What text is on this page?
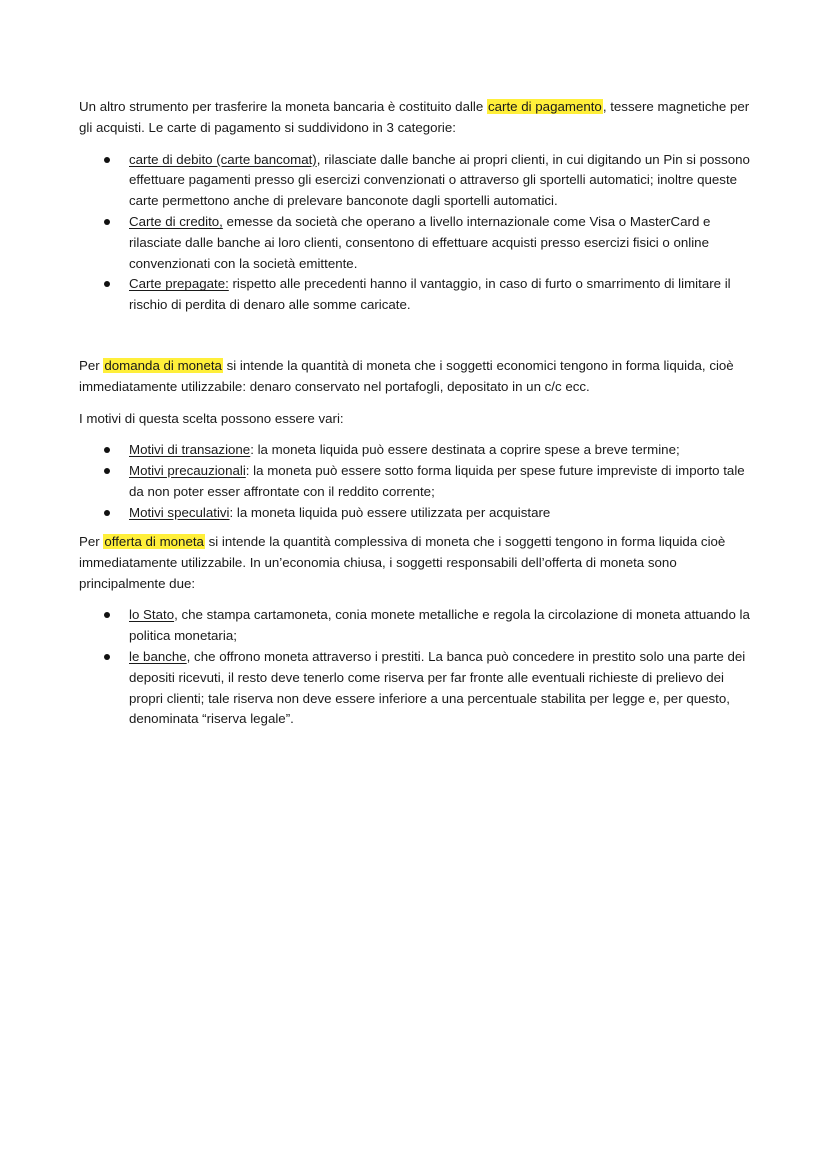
Un altro strumento per trasferire la moneta bancaria è costituito dalle carte di pagamento, tessere magnetiche per gli acquisti. Le carte di pagamento si suddividono in 3 categorie:

carte di debito (carte bancomat), rilasciate dalle banche ai propri clienti, in cui digitando un Pin si possono effettuare pagamenti presso gli esercizi convenzionati o attraverso gli sportelli automatici; inoltre queste carte permettono anche di prelevare banconote dagli sportelli automatici.
Carte di credito, emesse da società che operano a livello internazionale come Visa o MasterCard e rilasciate dalle banche ai loro clienti, consentono di effettuare acquisti presso esercizi fisici o online convenzionati con la società emittente.
Carte prepagate: rispetto alle precedenti hanno il vantaggio, in caso di furto o smarrimento di limitare il rischio di perdita di denaro alle somme caricate.

Per domanda di moneta si intende la quantità di moneta che i soggetti economici tengono in forma liquida, cioè immediatamente utilizzabile: denaro conservato nel portafogli, depositato in un c/c ecc.

I motivi di questa scelta possono essere vari:

Motivi di transazione: la moneta liquida può essere destinata a coprire spese a breve termine;
Motivi precauzionali: la moneta può essere sotto forma liquida per spese future impreviste di importo tale da non poter esser affrontate con il reddito corrente;
Motivi speculativi: la moneta liquida può essere utilizzata per acquistare

Per offerta di moneta si intende la quantità complessiva di moneta che i soggetti tengono in forma liquida cioè immediatamente utilizzabile. In un’economia chiusa, i soggetti responsabili dell’offerta di moneta sono principalmente due:

lo Stato, che stampa cartamoneta, conia monete metalliche e regola la circolazione di moneta attuando la politica monetaria;
le banche, che offrono moneta attraverso i prestiti. La banca può concedere in prestito solo una parte dei depositi ricevuti, il resto deve tenerlo come riserva per far fronte alle eventuali richieste di prelievo dei propri clienti; tale riserva non deve essere inferiore a una percentuale stabilita per legge e, per questo, denominata “riserva legale”.
